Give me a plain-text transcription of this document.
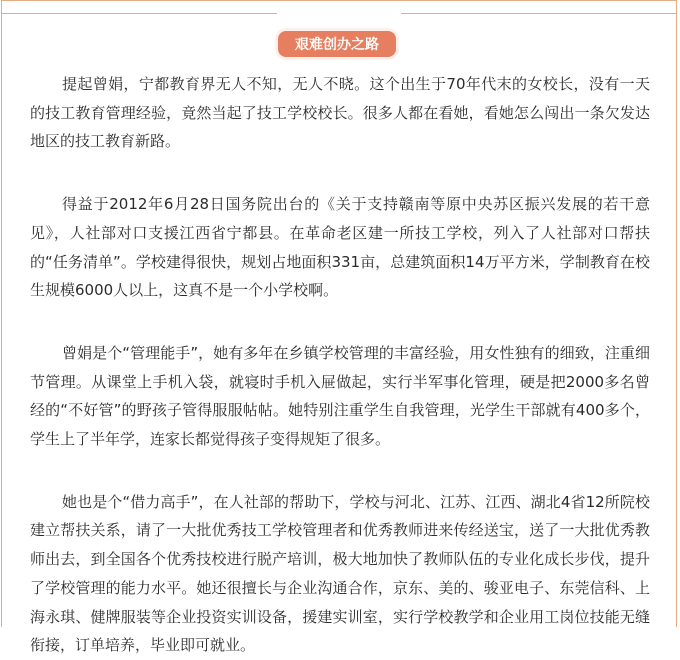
艰难创办之路

提起曾娟，宁都教育界无人不知，无人不晓。这个出生于70年代末的女校长，没有一天的技工教育管理经验，竟然当起了技工学校校长。很多人都在看她，看她怎么闯出一条欠发达地区的技工教育新路。

得益于2012年6月28日国务院出台的《关于支持赣南等原中央苏区振兴发展的若干意见》，人社部对口支援江西省宁都县。在革命老区建一所技工学校，列入了人社部对口帮扶的“任务清单”。学校建得很快，规划占地面积331亩，总建筑面积14万平方米，学制教育在校生规模6000人以上，这真不是一个小学校啊。

曾娟是个“管理能手”，她有多年在乡镇学校管理的丰富经验，用女性独有的细致，注重细节管理。从课堂上手机入袋，就寝时手机入屉做起，实行半军事化管理，硬是把2000多名曾经的“不好管”的野孩子管得服服帖帖。她特别注重学生自我管理，光学生干部就有400多个，学生上了半年学，连家长都觉得孩子变得规矩了很多。

她也是个“借力高手”，在人社部的帮助下，学校与河北、江苏、江西、湖北4省12所院校建立帮扶关系，请了一大批优秀技工学校管理者和优秀教师进来传经送宝，送了一大批优秀教师出去，到全国各个优秀技校进行脱产培训，极大地加快了教师队伍的专业化成长步伐，提升了学校管理的能力水平。她还很擅长与企业沟通合作，京东、美的、骏亚电子、东莞信科、上海永琪、健牌服装等企业投资实训设备，援建实训室，实行学校教学和企业用工岗位技能无缝衔接，订单培养，毕业即可就业。
